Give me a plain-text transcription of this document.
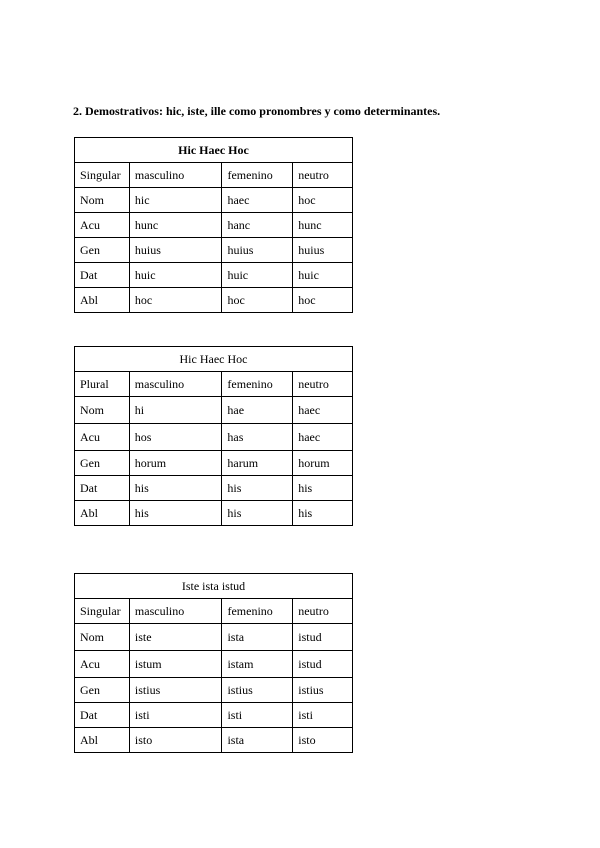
2. Demostrativos: hic, iste, ille como pronombres y como determinantes.
Hic Haec Hoc			
Singular	masculino	femenino	neutro
Nom	hic	haec	hoc
Acu	hunc	hanc	hunc
Gen	huius	huius	huius
Dat	huic	huic	huic
Abl	hoc	hoc	hoc
Hic Haec Hoc			
Plural	masculino	femenino	neutro
Nom	hi	hae	haec
Acu	hos	has	haec
Gen	horum	harum	horum
Dat	his	his	his
Abl	his	his	his
Iste ista istud			
Singular	masculino	femenino	neutro
Nom	iste	ista	istud
Acu	istum	istam	istud
Gen	istius	istius	istius
Dat	isti	isti	isti
Abl	isto	ista	isto
